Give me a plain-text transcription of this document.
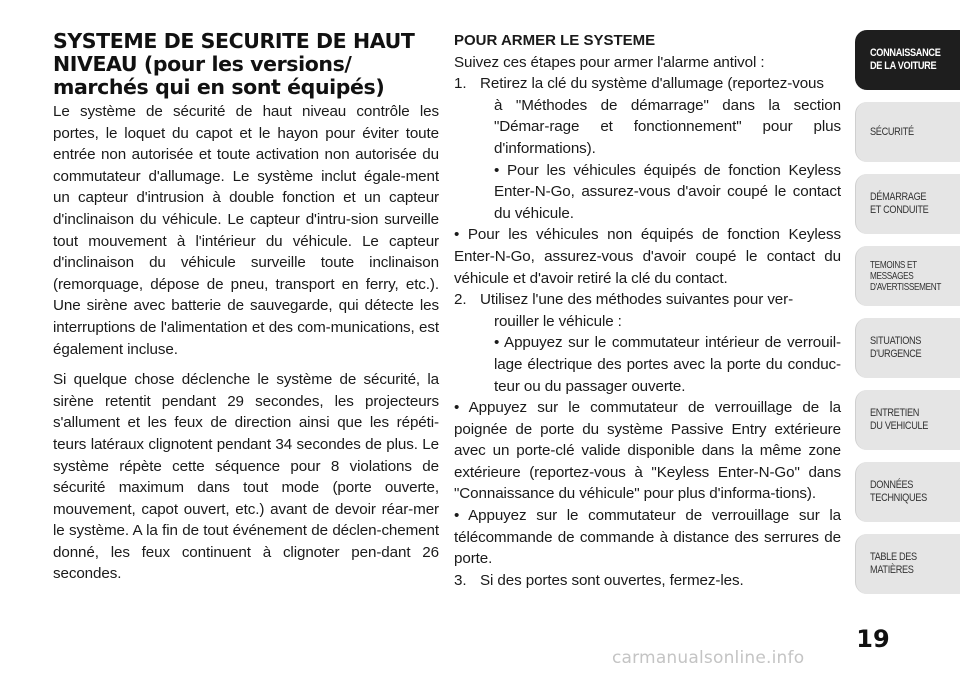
SYSTEME DE SECURITE DE HAUT NIVEAU (pour les versions/ marchés qui en sont équipés)

Le système de sécurité de haut niveau contrôle les portes, le loquet du capot et le hayon pour éviter toute entrée non autorisée et toute activation non autorisée du commutateur d'allumage. Le système inclut égale-ment un capteur d'intrusion à double fonction et un capteur d'inclinaison du véhicule. Le capteur d'intru-sion surveille tout mouvement à l'intérieur du véhicule. Le capteur d'inclinaison du véhicule surveille toute inclinaison (remorquage, dépose de pneu, transport en ferry, etc.). Une sirène avec batterie de sauvegarde, qui détecte les interruptions de l'alimentation et des com-munications, est également incluse.

Si quelque chose déclenche le système de sécurité, la sirène retentit pendant 29 secondes, les projecteurs s'allument et les feux de direction ainsi que les répéti-teurs latéraux clignotent pendant 34 secondes de plus. Le système répète cette séquence pour 8 violations de sécurité maximum dans tout mode (porte ouverte, mouvement, capot ouvert, etc.) avant de devoir réar-mer le système. A la fin de tout événement de déclen-chement donné, les feux continuent à clignoter pen-dant 26 secondes.

POUR ARMER LE SYSTEME

Suivez ces étapes pour armer l'alarme antivol :

1. Retirez la clé du système d'allumage (reportez-vous
à "Méthodes de démarrage" dans la section "Démar-rage et fonctionnement" pour plus d'informations).

• Pour les véhicules équipés de fonction Keyless Enter-N-Go, assurez-vous d'avoir coupé le contact du véhicule.

• Pour les véhicules non équipés de fonction Keyless Enter-N-Go, assurez-vous d'avoir coupé le contact du véhicule et d'avoir retiré la clé du contact.

2. Utilisez l'une des méthodes suivantes pour ver-
rouiller le véhicule :

• Appuyez sur le commutateur intérieur de verrouil-lage électrique des portes avec la porte du conduc-teur ou du passager ouverte.

• Appuyez sur le commutateur de verrouillage de la poignée de porte du système Passive Entry extérieure avec un porte-clé valide disponible dans la même zone extérieure (reportez-vous à "Keyless Enter-N-Go" dans "Connaissance du véhicule" pour plus d'informa-tions).

• Appuyez sur le commutateur de verrouillage sur la télécommande de commande à distance des serrures de porte.

3. Si des portes sont ouvertes, fermez-les.
CONNAISSANCE
DE LA VOITURE
SÉCURITÉ
DÉMARRAGE
ET CONDUITE
TEMOINS ET
MESSAGES
D'AVERTISSEMENT
SITUATIONS
D'URGENCE
ENTRETIEN
DU VEHICULE
DONNÉES
TECHNIQUES
TABLE DES
MATIÈRES
19
carmanualsonline.info
